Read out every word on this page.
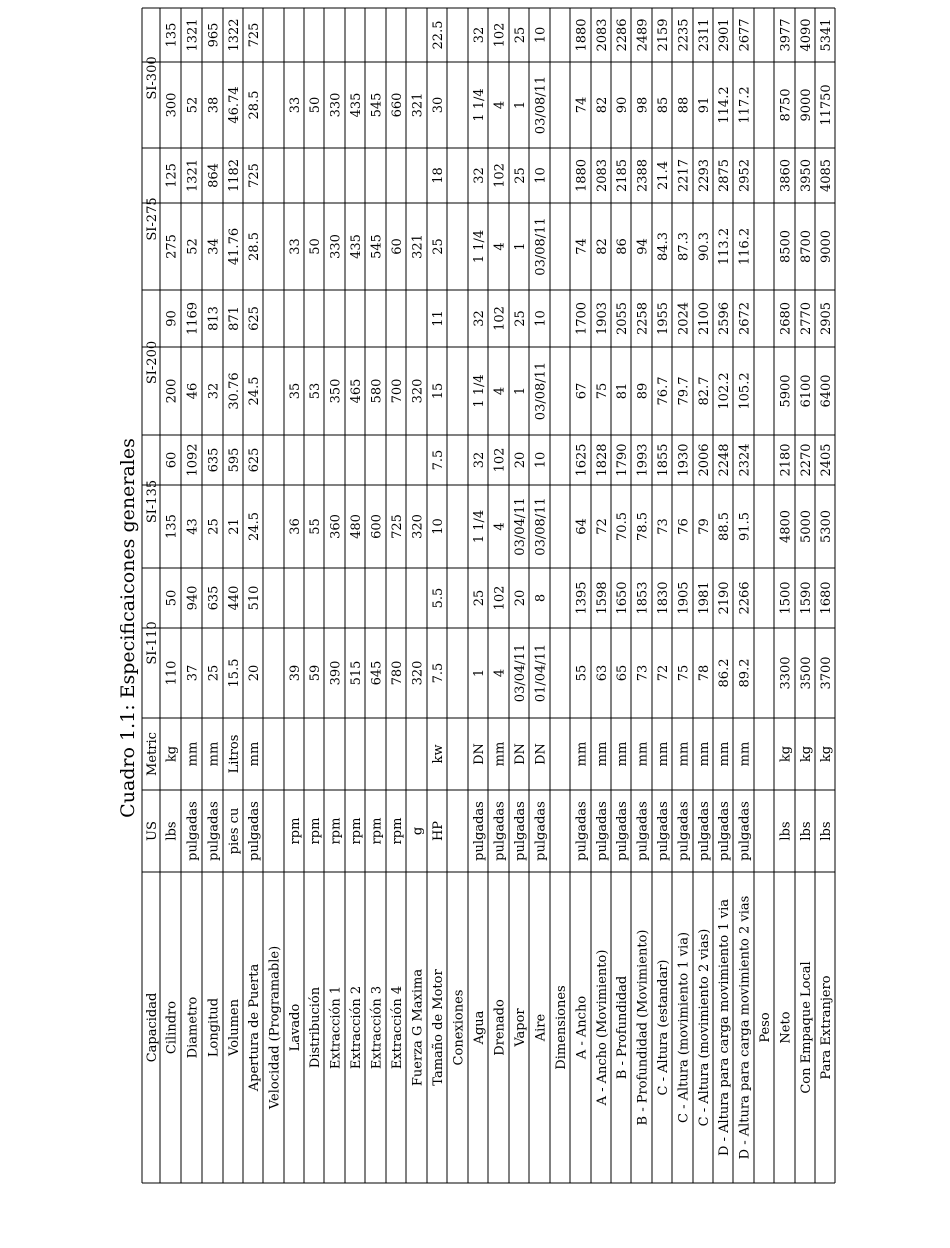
Cuadro 1.1: Especificaicones generales
Capacidad
US
Metric
SI-110
SI-135
SI-200
SI-275
SI-300
Cilindro
lbs
kg
110
50
135
60
200
90
275
125
300
135
Diametro
pulgadas
mm
37
940
43
1092
46
1169
52
1321
52
1321
Longitud
pulgadas
mm
25
635
25
635
32
813
34
864
38
965
Volumen
pies cu
Litros
15.5
440
21
595
30.76
871
41.76
1182
46.74
1322
Apertura de Puerta
pulgadas
mm
20
510
24.5
625
24.5
625
28.5
725
28.5
725
Velocidad (Programable) Lavado
rpm
39
36
35
33
33
Distribución
rpm
59
55
53
50
50
Extracción 1
rpm
390
360
350
330
330
Extracción 2
rpm
515
480
465
435
435
Extracción 3
rpm
645
600
580
545
545
Extracción 4
rpm
780
725
700
60
660
Fuerza G Maxima
g
320
320
320
321
321
Tamaño de Motor
HP
kw
7.5
5.5
10
7.5
15
11
25
18
30
22.5
Conexiones Agua
pulgadas
DN
1
25
1 1/4
32
1 1/4
32
1 1/4
32
1 1/4
32
Drenado
pulgadas
mm
4
102
4
102
4
102
4
102
4
102
Vapor
pulgadas
DN
03/04/11
20
03/04/11
20
1
25
1
25
1
25
Aire
pulgadas
DN
01/04/11
8
03/08/11
10
03/08/11
10
03/08/11
10
03/08/11
10
Dimensiones A - Ancho
pulgadas
mm
55
1395
64
1625
67
1700
74
1880
74
1880
A - Ancho (Movimiento)
pulgadas
mm
63
1598
72
1828
75
1903
82
2083
82
2083
B - Profundidad
pulgadas
mm
65
1650
70.5
1790
81
2055
86
2185
90
2286
B - Profundidad (Movimiento)
pulgadas
mm
73
1853
78.5
1993
89
2258
94
2388
98
2489
C - Altura (estandar)
pulgadas
mm
72
1830
73
1855
76.7
1955
84.3
21.4
85
2159
C - Altura (movimiento 1 via)
pulgadas
mm
75
1905
76
1930
79.7
2024
87.3
2217
88
2235
C - Altura (movimiento 2 vias)
pulgadas
mm
78
1981
79
2006
82.7
2100
90.3
2293
91
2311
D - Altura para carga movimiento 1 via
pulgadas
mm
86.2
2190
88.5
2248
102.2
2596
113.2
2875
114.2
2901
D - Altura para carga movimiento 2 vias
pulgadas
mm
89.2
2266
91.5
2324
105.2
2672
116.2
2952
117.2
2677
Peso Neto
lbs
kg
3300
1500
4800
2180
5900
2680
8500
3860
8750
3977
Con Empaque Local
lbs
kg
3500
1590
5000
2270
6100
2770
8700
3950
9000
4090
Para Extranjero
lbs
kg
3700
1680
5300
2405
6400
2905
9000
4085
11750
5341
